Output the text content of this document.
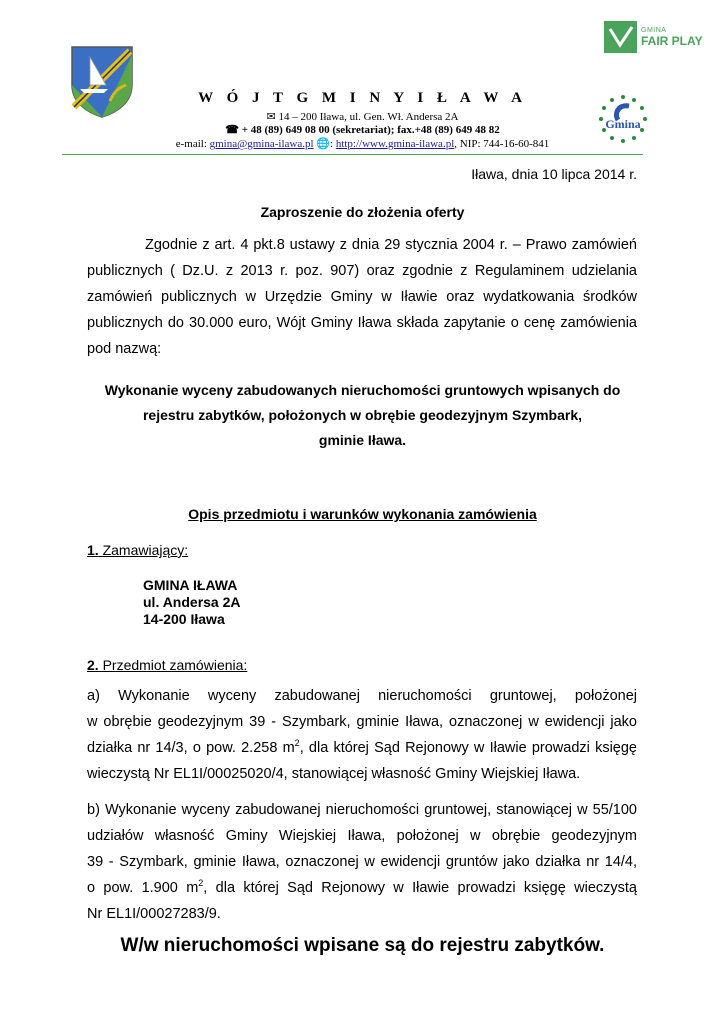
GMINA
FAIR PLAY
Gmina
W Ó J T G M I N Y I Ł A W A
✉ 14 – 200 Iława, ul. Gen. Wł. Andersa 2A
☎ + 48 (89) 649 08 00 (sekretariat); fax.+48 (89) 649 48 82
e-mail: gmina@gmina-ilawa.pl 🌐: http://www.gmina-ilawa.pl, NIP: 744-16-60-841
Iława, dnia 10 lipca 2014 r.
Zaproszenie do złożenia oferty
Zgodnie z art. 4 pkt.8 ustawy z dnia 29 stycznia 2004 r. – Prawo zamówień
publicznych ( Dz.U. z 2013 r. poz. 907) oraz zgodnie z Regulaminem udzielania
zamówień publicznych w Urzędzie Gminy w Iławie oraz wydatkowania środków
publicznych do 30.000 euro, Wójt Gminy Iława składa zapytanie o cenę zamówienia
pod nazwą:
Wykonanie wyceny zabudowanych nieruchomości gruntowych wpisanych do
rejestru zabytków, położonych w obrębie geodezyjnym Szymbark,
gminie Iława.
Opis przedmiotu i warunków wykonania zamówienia
1. Zamawiający:
GMINA IŁAWA
ul. Andersa 2A
14-200 Iława
2. Przedmiot zamówienia:
a) Wykonanie wyceny zabudowanej nieruchomości gruntowej, położonej
w obrębie geodezyjnym 39 - Szymbark, gminie Iława, oznaczonej w ewidencji jako
działka nr 14/3, o pow. 2.258 $m^2$, dla której Sąd Rejonowy w Iławie prowadzi księgę
wieczystą Nr EL1I/00025020/4, stanowiącej własność Gminy Wiejskiej Iława.
b) Wykonanie wyceny zabudowanej nieruchomości gruntowej, stanowiącej w 55/100
udziałów własność Gminy Wiejskiej Iława, położonej w obrębie geodezyjnym
39 - Szymbark, gminie Iława, oznaczonej w ewidencji gruntów jako działka nr 14/4,
o pow. 1.900 $m^2$, dla której Sąd Rejonowy w Iławie prowadzi księgę wieczystą
Nr EL1I/00027283/9.
W/w nieruchomości wpisane są do rejestru zabytków.
